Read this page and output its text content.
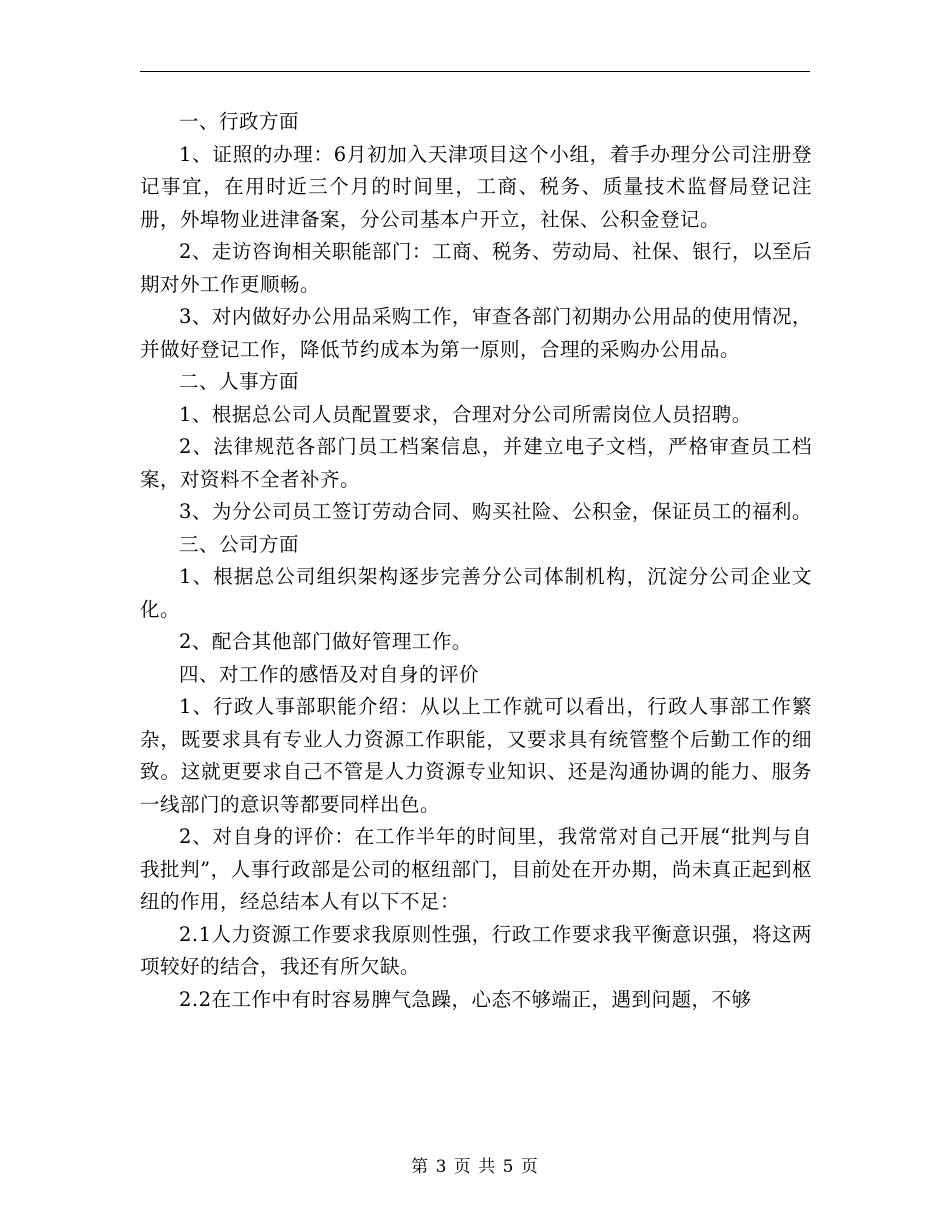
一、行政方面

1、证照的办理：6月初加入天津项目这个小组，着手办理分公司注册登记事宜，在用时近三个月的时间里，工商、税务、质量技术监督局登记注册，外埠物业进津备案，分公司基本户开立，社保、公积金登记。

2、走访咨询相关职能部门：工商、税务、劳动局、社保、银行，以至后期对外工作更顺畅。

3、对内做好办公用品采购工作，审查各部门初期办公用品的使用情况，并做好登记工作，降低节约成本为第一原则，合理的采购办公用品。

二、人事方面

1、根据总公司人员配置要求，合理对分公司所需岗位人员招聘。

2、法律规范各部门员工档案信息，并建立电子文档，严格审查员工档案，对资料不全者补齐。

3、为分公司员工签订劳动合同、购买社险、公积金，保证员工的福利。

三、公司方面

1、根据总公司组织架构逐步完善分公司体制机构，沉淀分公司企业文化。

2、配合其他部门做好管理工作。

四、对工作的感悟及对自身的评价

1、行政人事部职能介绍：从以上工作就可以看出，行政人事部工作繁杂，既要求具有专业人力资源工作职能，又要求具有统管整个后勤工作的细致。这就更要求自己不管是人力资源专业知识、还是沟通协调的能力、服务一线部门的意识等都要同样出色。

2、对自身的评价：在工作半年的时间里，我常常对自己开展“批判与自我批判”，人事行政部是公司的枢纽部门，目前处在开办期，尚未真正起到枢纽的作用，经总结本人有以下不足：

2.1人力资源工作要求我原则性强，行政工作要求我平衡意识强，将这两项较好的结合，我还有所欠缺。

2.2在工作中有时容易脾气急躁，心态不够端正，遇到问题，不够

第 3 页 共 5 页
